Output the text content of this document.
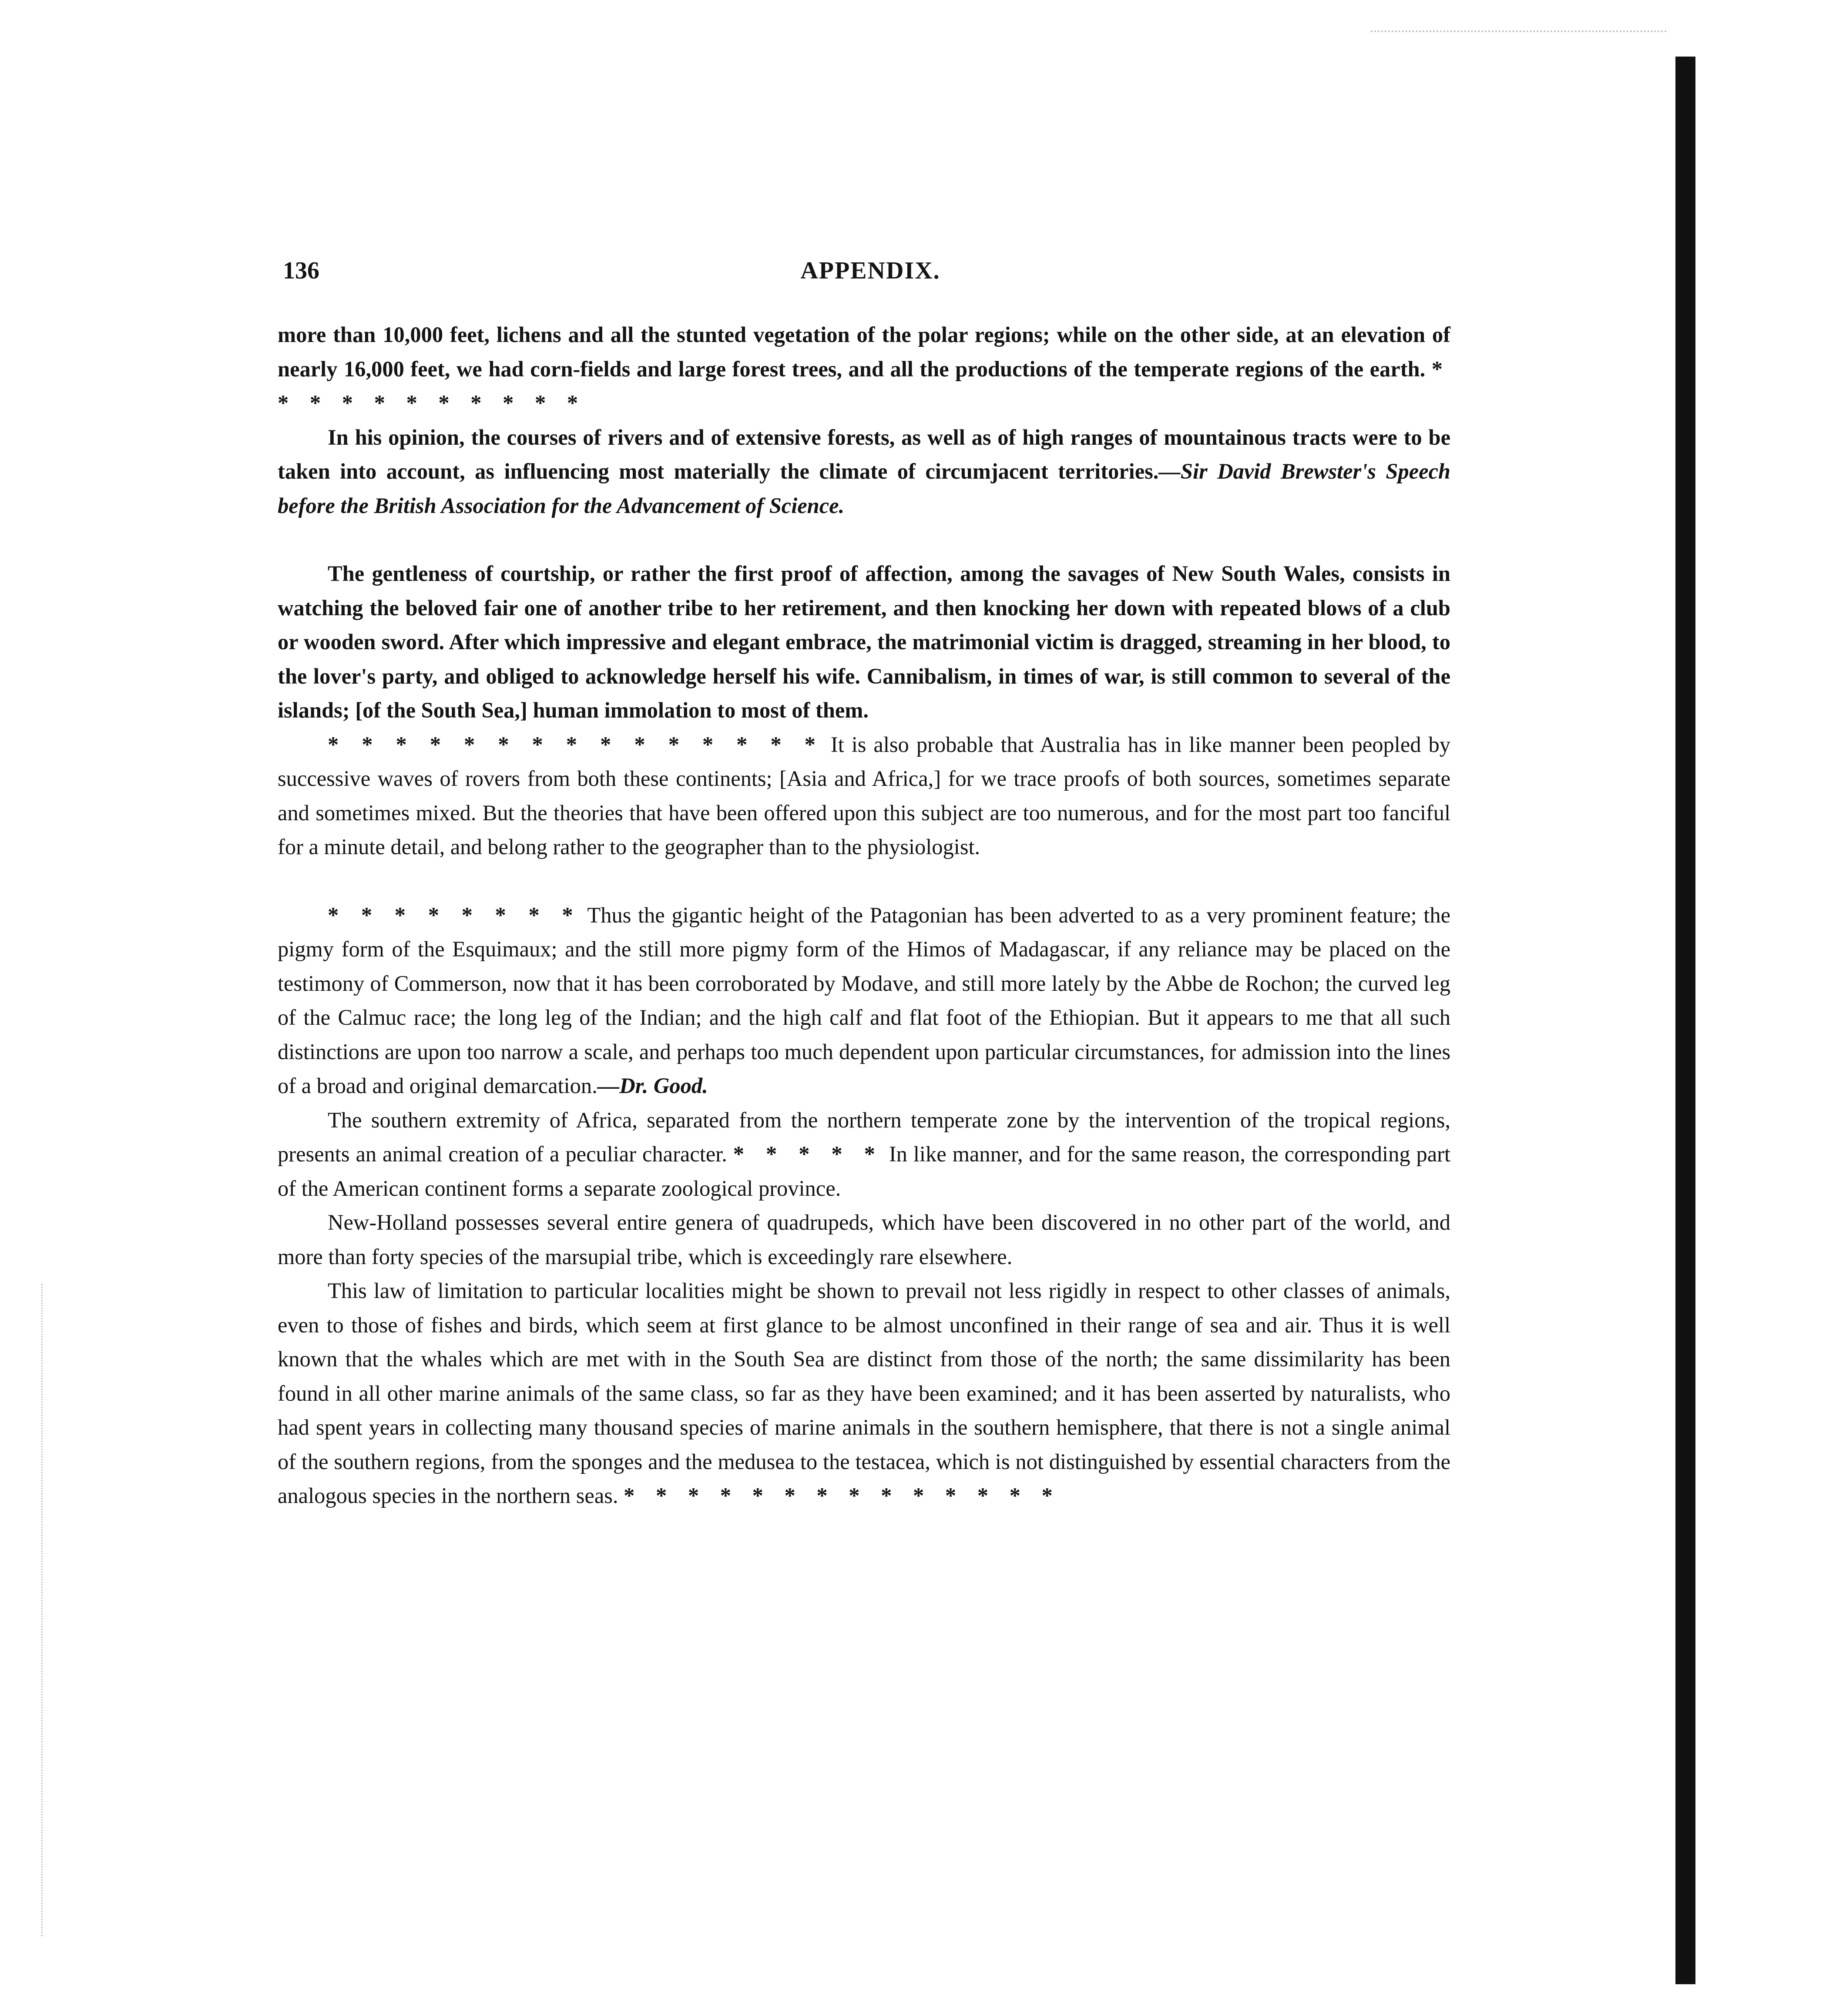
136	APPENDIX.

more than 10,000 feet, lichens and all the stunted vegetation of the polar regions; while on the other side, at an elevation of nearly 16,000 feet, we had corn-fields and large forest trees, and all the productions of the temperate regions of the earth. * * * * * * * * * * *

In his opinion, the courses of rivers and of extensive forests, as well as of high ranges of mountainous tracts were to be taken into account, as influencing most materially the climate of circumjacent territories.—Sir David Brewster's Speech before the British Association for the Advancement of Science.

The gentleness of courtship, or rather the first proof of affection, among the savages of New South Wales, consists in watching the beloved fair one of another tribe to her retirement, and then knocking her down with repeated blows of a club or wooden sword. After which impressive and elegant embrace, the matrimonial victim is dragged, streaming in her blood, to the lover's party, and obliged to acknowledge herself his wife. Cannibalism, in times of war, is still common to several of the islands; [of the South Sea,] human immolation to most of them.

* * * * * * * * * * * * * * * It is also probable that Australia has in like manner been peopled by successive waves of rovers from both these continents; [Asia and Africa,] for we trace proofs of both sources, sometimes separate and sometimes mixed. But the theories that have been offered upon this subject are too numerous, and for the most part too fanciful for a minute detail, and belong rather to the geographer than to the physiologist.

* * * * * * * * Thus the gigantic height of the Patagonian has been adverted to as a very prominent feature; the pigmy form of the Esquimaux; and the still more pigmy form of the Himos of Madagascar, if any reliance may be placed on the testimony of Commerson, now that it has been corroborated by Modave, and still more lately by the Abbe de Rochon; the curved leg of the Calmuc race; the long leg of the Indian; and the high calf and flat foot of the Ethiopian. But it appears to me that all such distinctions are upon too narrow a scale, and perhaps too much dependent upon particular circumstances, for admission into the lines of a broad and original demarcation.—Dr. Good.

The southern extremity of Africa, separated from the northern temperate zone by the intervention of the tropical regions, presents an animal creation of a peculiar character. * * * * * In like manner, and for the same reason, the corresponding part of the American continent forms a separate zoological province.

New-Holland possesses several entire genera of quadrupeds, which have been discovered in no other part of the world, and more than forty species of the marsupial tribe, which is exceedingly rare elsewhere.

This law of limitation to particular localities might be shown to prevail not less rigidly in respect to other classes of animals, even to those of fishes and birds, which seem at first glance to be almost unconfined in their range of sea and air. Thus it is well known that the whales which are met with in the South Sea are distinct from those of the north; the same dissimilarity has been found in all other marine animals of the same class, so far as they have been examined; and it has been asserted by naturalists, who had spent years in collecting many thousand species of marine animals in the southern hemisphere, that there is not a single animal of the southern regions, from the sponges and the medusea to the testacea, which is not distinguished by essential characters from the analogous species in the northern seas. * * * * * * * * * * * * * *
